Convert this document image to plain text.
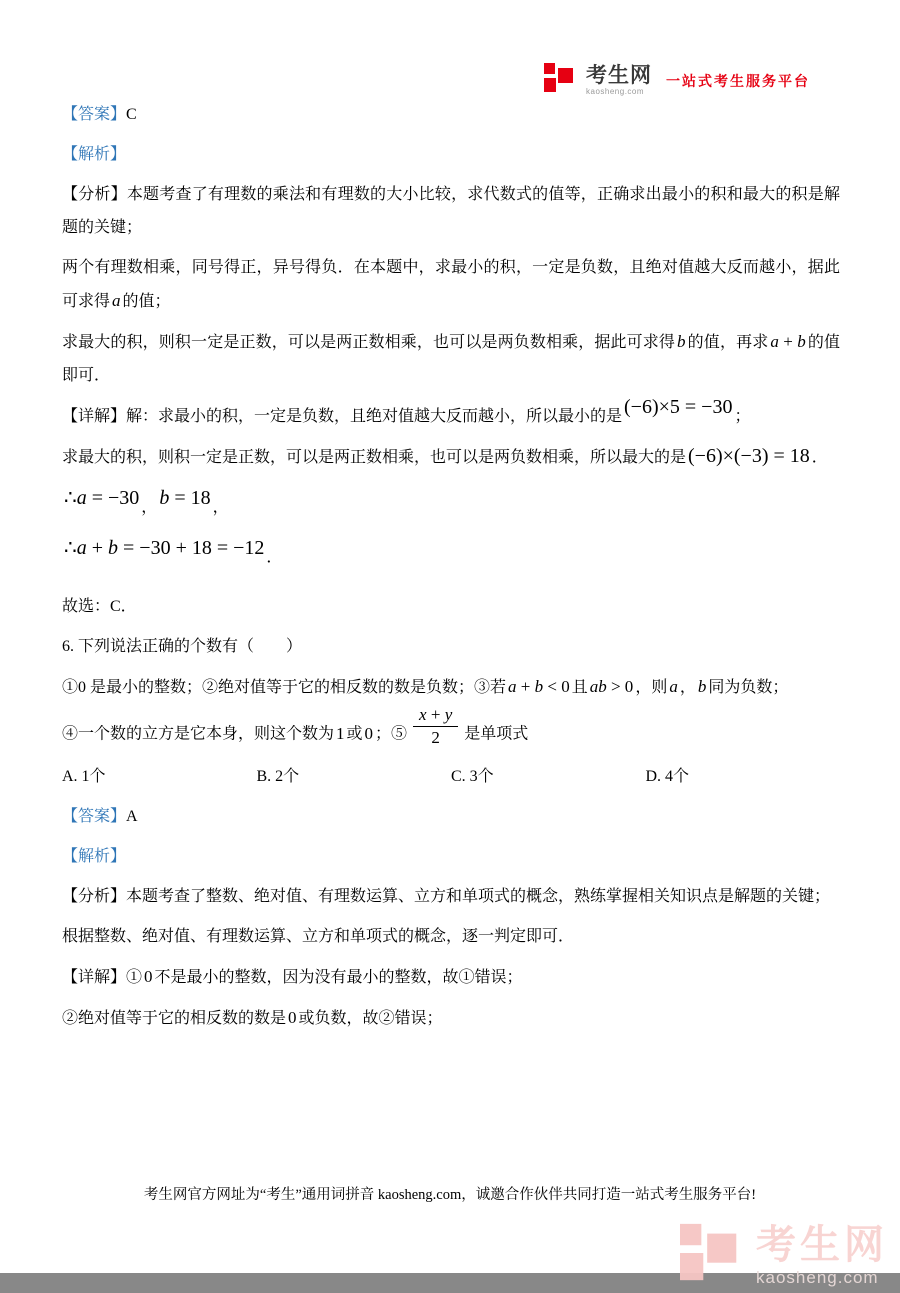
考生网
kaosheng.com
一站式考生服务平台

【答案】C

【解析】

【分析】本题考查了有理数的乘法和有理数的大小比较，求代数式的值等，正确求出最小的积和最大的积是解题的关键；

两个有理数相乘，同号得正，异号得负．在本题中，求最小的积，一定是负数，且绝对值越大反而越小，据此可求得 a 的值；

求最大的积，则积一定是正数，可以是两正数相乘，也可以是两负数相乘，据此可求得 b 的值，再求 a + b 的值即可．

【详解】解：求最小的积，一定是负数，且绝对值越大反而越小，所以最小的是 (−6)×5 = −30 ；

求最大的积，则积一定是正数，可以是两正数相乘，也可以是两负数相乘，所以最大的是 (−6)×(−3) = 18 ．

∴a = −30 ， b = 18 ，

∴a + b = −30 + 18 = −12 ．

故选：C．

6. 下列说法正确的个数有（　　）

①0 是最小的整数；②绝对值等于它的相反数的数是负数；③若 a + b < 0 且 ab > 0 ，则 a ， b 同为负数；

④一个数的立方是它本身，则这个数为 1 或 0 ；⑤ $\frac{x + y}{2}$ 是单项式

A. 1个	B. 2个	C. 3个	D. 4个

【答案】A

【解析】

【分析】本题考查了整数、绝对值、有理数运算、立方和单项式的概念，熟练掌握相关知识点是解题的关键；

根据整数、绝对值、有理数运算、立方和单项式的概念，逐一判定即可．

【详解】① 0 不是最小的整数，因为没有最小的整数，故①错误；

②绝对值等于它的相反数的数是 0 或负数，故②错误；

考生网官方网址为“考生”通用词拼音 kaosheng.com，诚邀合作伙伴共同打造一站式考生服务平台!
考生网
kaosheng.com
